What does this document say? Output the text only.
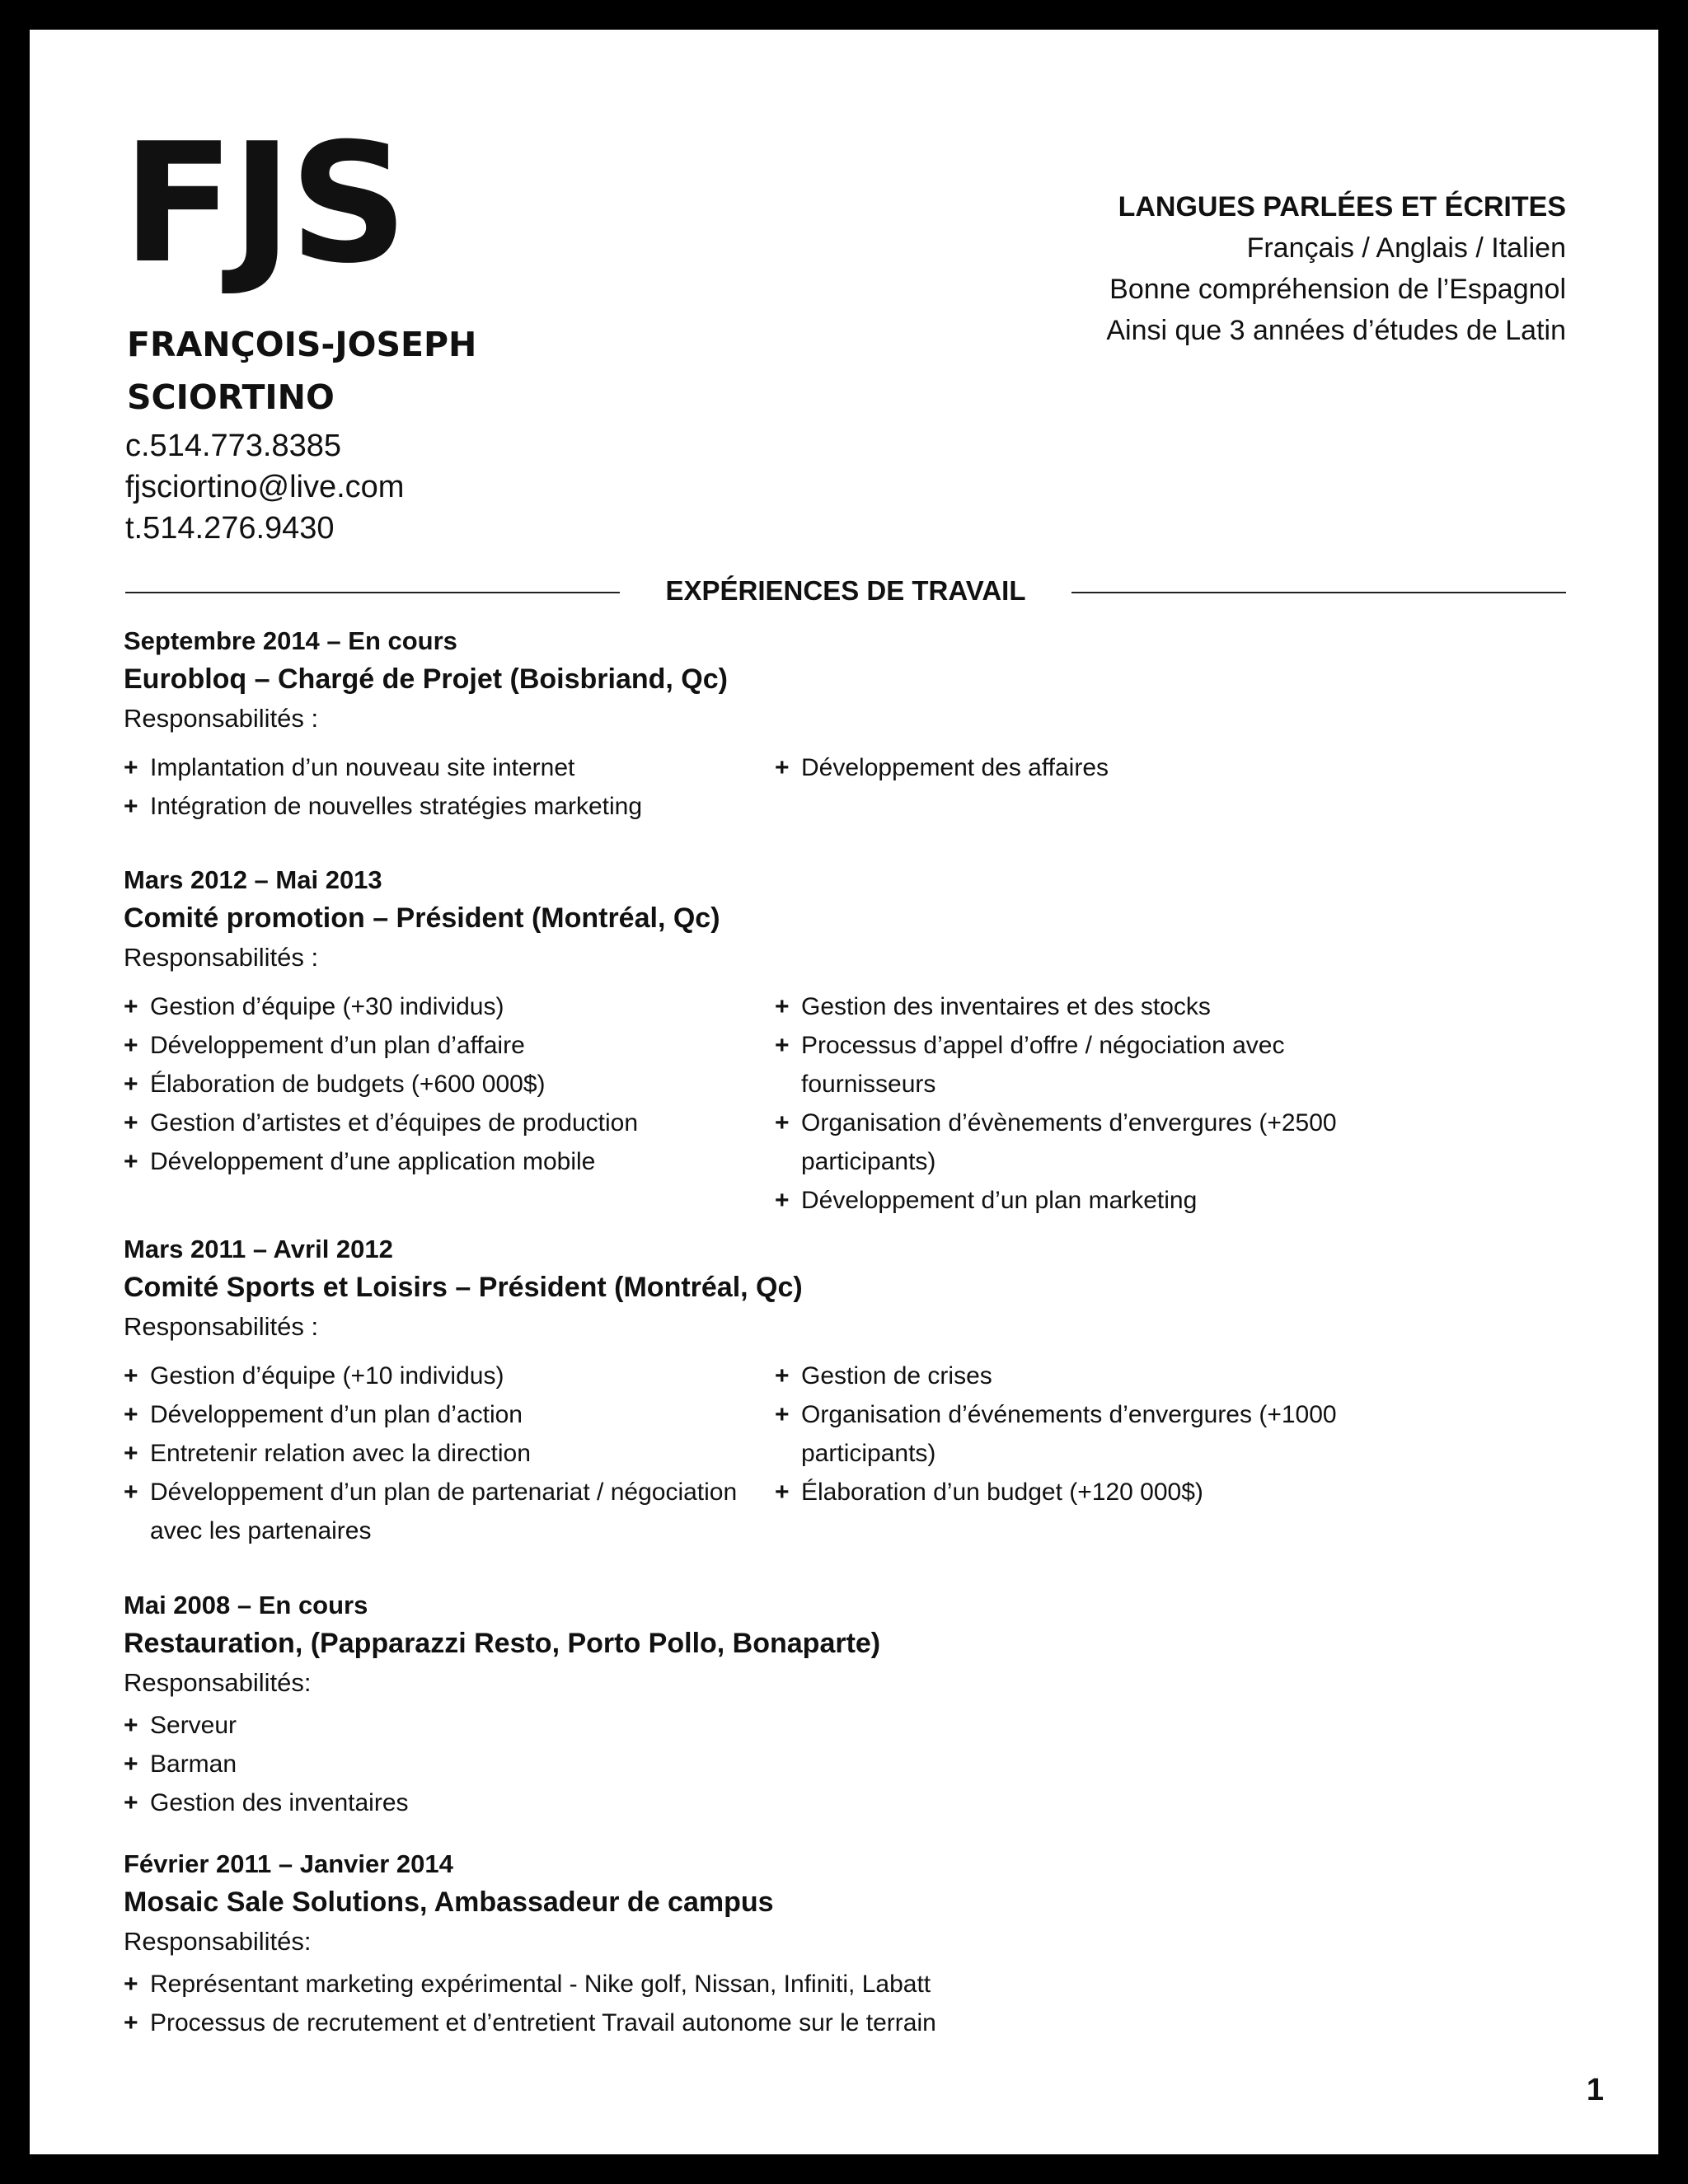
FJS
FRANÇOIS-JOSEPH
SCIORTINO
c.514.773.8385
fjsciortino@live.com
t.514.276.9430
LANGUES PARLÉES ET ÉCRITES
Français / Anglais / Italien
Bonne compréhension de l’Espagnol
Ainsi que 3 années d’études de Latin
EXPÉRIENCES DE TRAVAIL
Septembre 2014 – En cours
Eurobloq – Chargé de Projet (Boisbriand, Qc)
Responsabilités :
+ Implantation d’un nouveau site internet
+ Intégration de nouvelles stratégies marketing
+ Développement des affaires
Mars 2012 – Mai 2013
Comité promotion – Président (Montréal, Qc)
Responsabilités :
+ Gestion d’équipe (+30 individus)
+ Développement d’un plan d’affaire
+ Élaboration de budgets (+600 000$)
+ Gestion d’artistes et d’équipes de production
+ Développement d’une application mobile
+ Gestion des inventaires et des stocks
+ Processus d’appel d’offre / négociation avec fournisseurs
+ Organisation d’évènements d’envergures (+2500 participants)
+ Développement d’un plan marketing
Mars 2011 – Avril 2012
Comité Sports et Loisirs – Président (Montréal, Qc)
Responsabilités :
+ Gestion d’équipe (+10 individus)
+ Développement d’un plan d’action
+ Entretenir relation avec la direction
+ Développement d’un plan de partenariat / négociation avec les partenaires
+ Gestion de crises
+ Organisation d’événements d’envergures (+1000 participants)
+ Élaboration d’un budget (+120 000$)
Mai 2008 – En cours
Restauration, (Papparazzi Resto, Porto Pollo, Bonaparte)
Responsabilités:
+ Serveur
+ Barman
+ Gestion des inventaires
Février 2011 – Janvier 2014
Mosaic Sale Solutions, Ambassadeur de campus
Responsabilités:
+ Représentant marketing expérimental - Nike golf, Nissan, Infiniti, Labatt
+ Processus de recrutement et d’entretient Travail autonome sur le terrain
1
